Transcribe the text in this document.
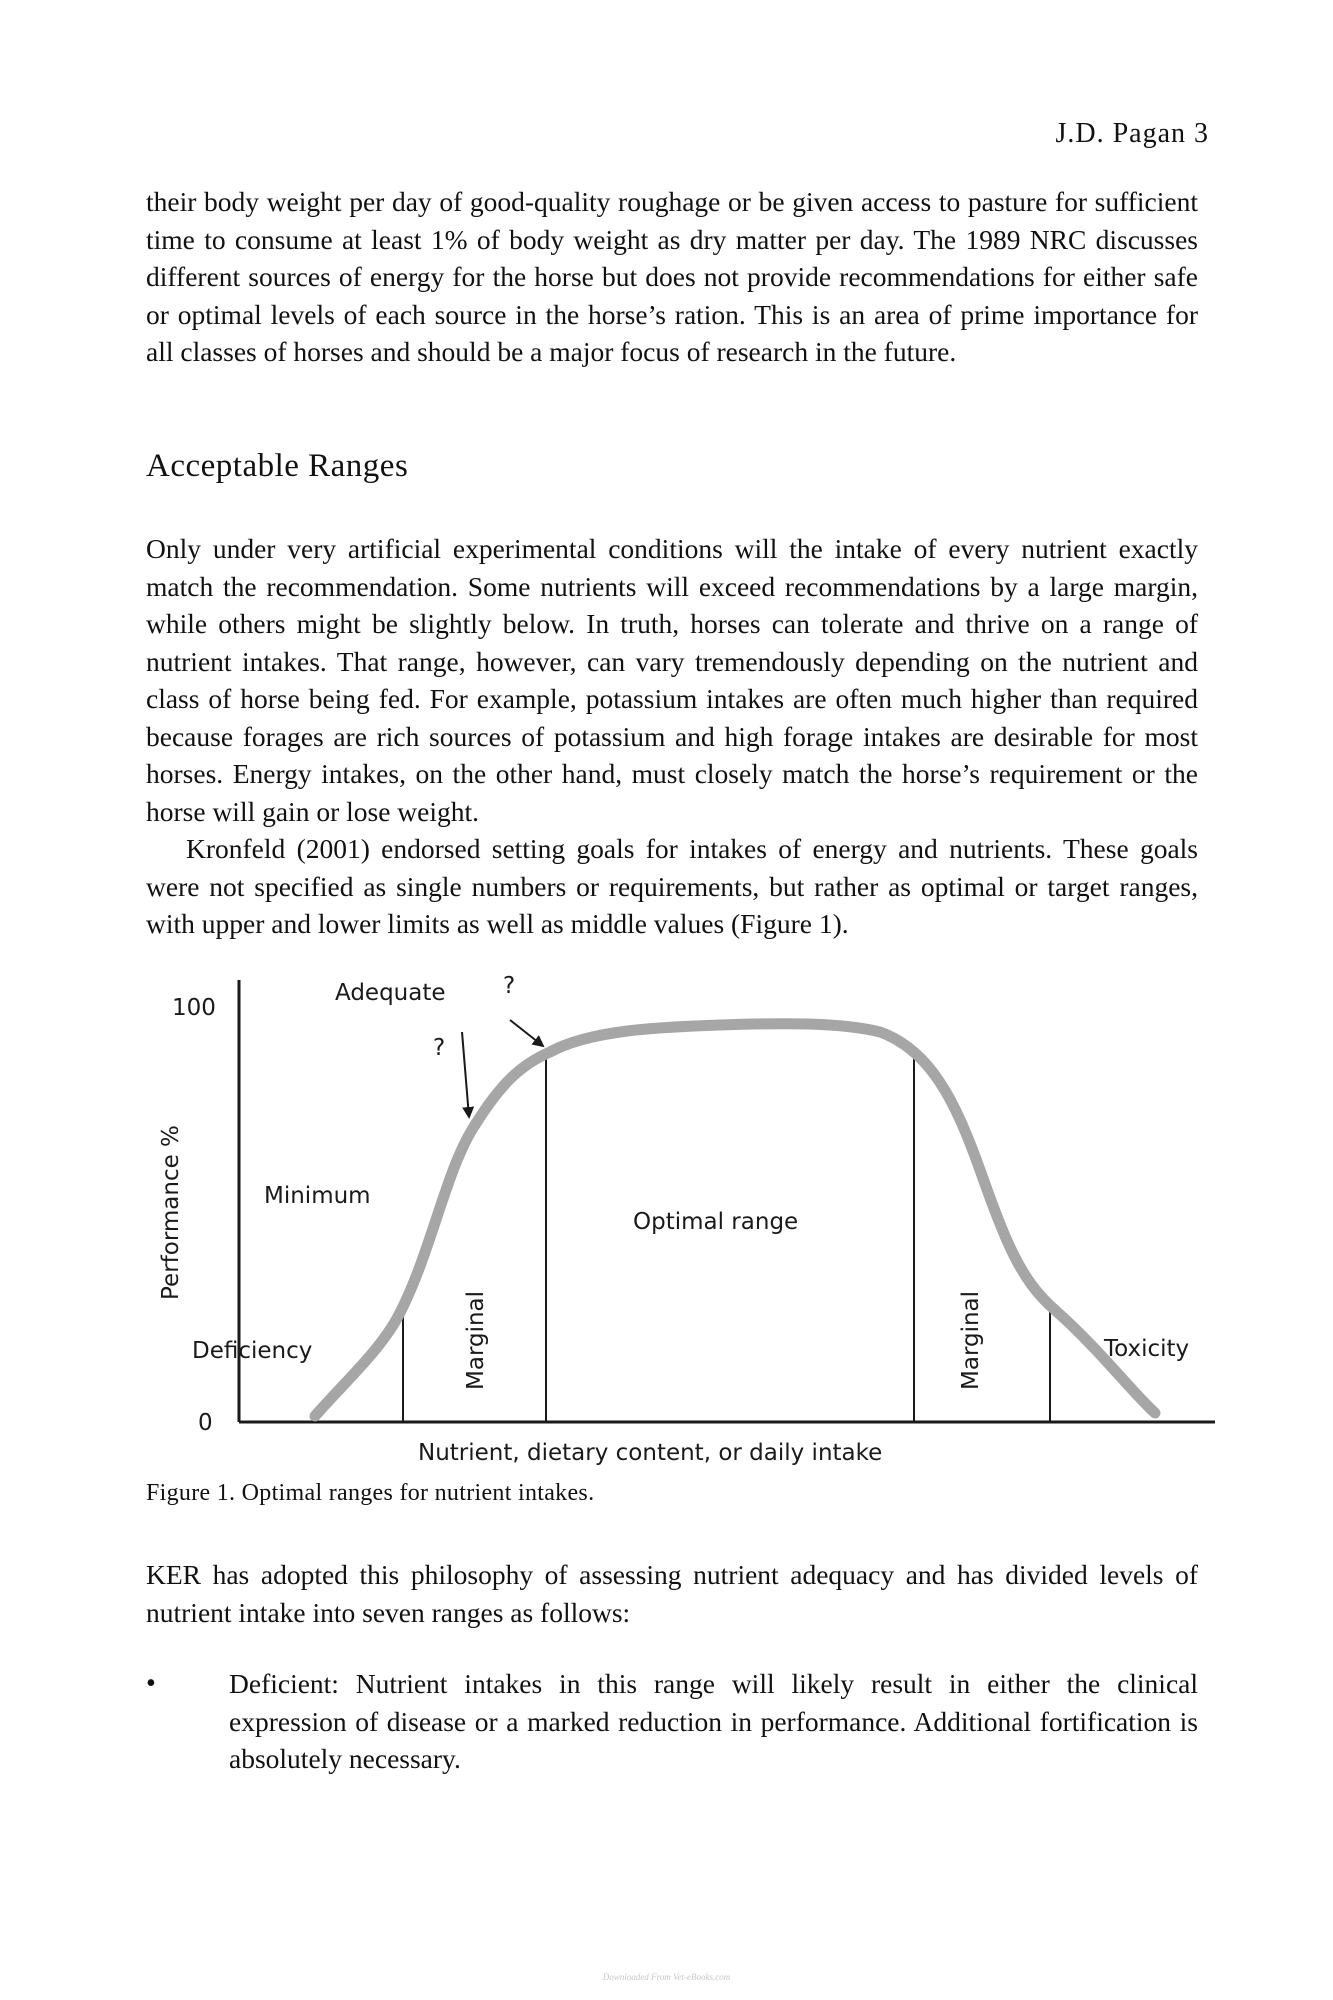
J.D. Pagan 3

their body weight per day of good-quality roughage or be given access to pasture for sufficient time to consume at least 1% of body weight as dry matter per day. The 1989 NRC discusses different sources of energy for the horse but does not provide recommendations for either safe or optimal levels of each source in the horse’s ration. This is an area of prime importance for all classes of horses and should be a major focus of research in the future.

Acceptable Ranges

Only under very artificial experimental conditions will the intake of every nutrient exactly match the recommendation. Some nutrients will exceed recommendations by a large margin, while others might be slightly below. In truth, horses can tolerate and thrive on a range of nutrient intakes. That range, however, can vary tremendously depending on the nutrient and class of horse being fed. For example, potassium intakes are often much higher than required because forages are rich sources of potassium and high forage intakes are desirable for most horses. Energy intakes, on the other hand, must closely match the horse’s requirement or the horse will gain or lose weight.

Kronfeld (2001) endorsed setting goals for intakes of energy and nutrients. These goals were not specified as single numbers or requirements, but rather as optimal or target ranges, with upper and lower limits as well as middle values (Figure 1).

100
0
Performance %
Nutrient, dietary content, or daily intake
Adequate ?
?
Minimum
Deficiency	Marginal
Optimal range
Marginal	Toxicity
Figure 1. Optimal ranges for nutrient intakes.

KER has adopted this philosophy of assessing nutrient adequacy and has divided levels of nutrient intake into seven ranges as follows:

•	Deficient: Nutrient intakes in this range will likely result in either the clinical expression of disease or a marked reduction in performance. Additional fortification is absolutely necessary.

Downloaded From Vet-eBooks.com
